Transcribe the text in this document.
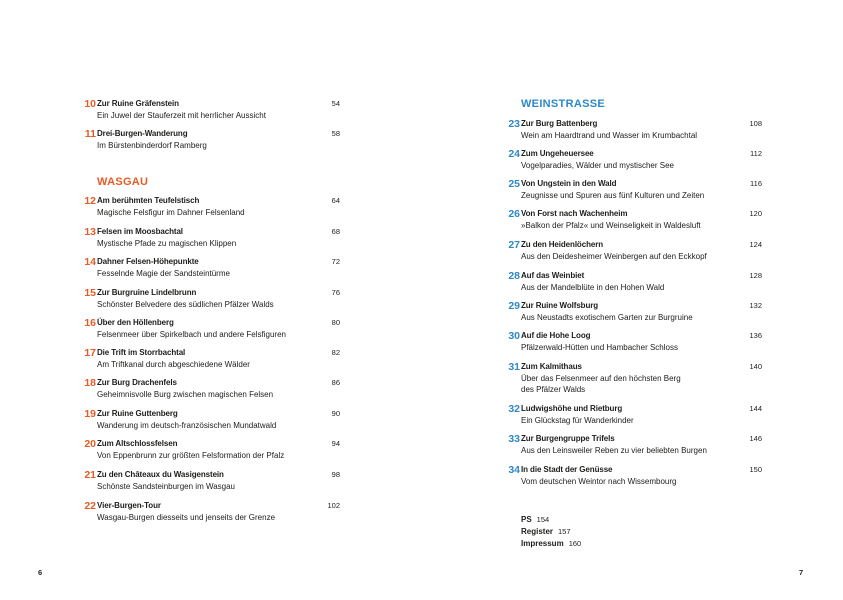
10 Zur Ruine Gräfenstein
Ein Juwel der Stauferzeit mit herrlicher Aussicht
54
11 Drei-Burgen-Wanderung
Im Bürstenbinderdorf Ramberg
58
WASGAU
12 Am berühmten Teufelstisch
Magische Felsfigur im Dahner Felsenland
64
13 Felsen im Moosbachtal
Mystische Pfade zu magischen Klippen
68
14 Dahner Felsen-Höhepunkte
Fesselnde Magie der Sandsteintürme
72
15 Zur Burgruine Lindelbrunn
Schönster Belvedere des südlichen Pfälzer Walds
76
16 Über den Höllenberg
Felsenmeer über Spirkelbach und andere Felsfiguren
80
17 Die Trift im Storrbachtal
Am Triftkanal durch abgeschiedene Wälder
82
18 Zur Burg Drachenfels
Geheimnisvolle Burg zwischen magischen Felsen
86
19 Zur Ruine Guttenberg
Wanderung im deutsch-französischen Mundatwald
90
20 Zum Altschlossfelsen
Von Eppenbrunn zur größten Felsformation der Pfalz
94
21 Zu den Châteaux du Wasigenstein
Schönste Sandsteinburgen im Wasgau
98
22 Vier-Burgen-Tour
Wasgau-Burgen diesseits und jenseits der Grenze
102
WEINSTRASSE
23 Zur Burg Battenberg
Wein am Haardtrand und Wasser im Krumbachtal
108
24 Zum Ungeheuersee
Vogelparadies, Wälder und mystischer See
112
25 Von Ungstein in den Wald
Zeugnisse und Spuren aus fünf Kulturen und Zeiten
116
26 Von Forst nach Wachenheim
»Balkon der Pfalz« und Weinseligkeit in Waldesluft
120
27 Zu den Heidenlöchern
Aus den Deidesheimer Weinbergen auf den Eckkopf
124
28 Auf das Weinbiet
Aus der Mandelblüte in den Hohen Wald
128
29 Zur Ruine Wolfsburg
Aus Neustadts exotischem Garten zur Burgruine
132
30 Auf die Hohe Loog
Pfälzerwald-Hütten und Hambacher Schloss
136
31 Zum Kalmithaus
Über das Felsenmeer auf den höchsten Berg
des Pfälzer Walds
140
32 Ludwigshöhe und Rietburg
Ein Glückstag für Wanderkinder
144
33 Zur Burgengruppe Trifels
Aus den Leinsweiler Reben zu vier beliebten Burgen
146
34 In die Stadt der Genüsse
Vom deutschen Weintor nach Wissembourg
150
PS 154
Register 157
Impressum 160
6	7
